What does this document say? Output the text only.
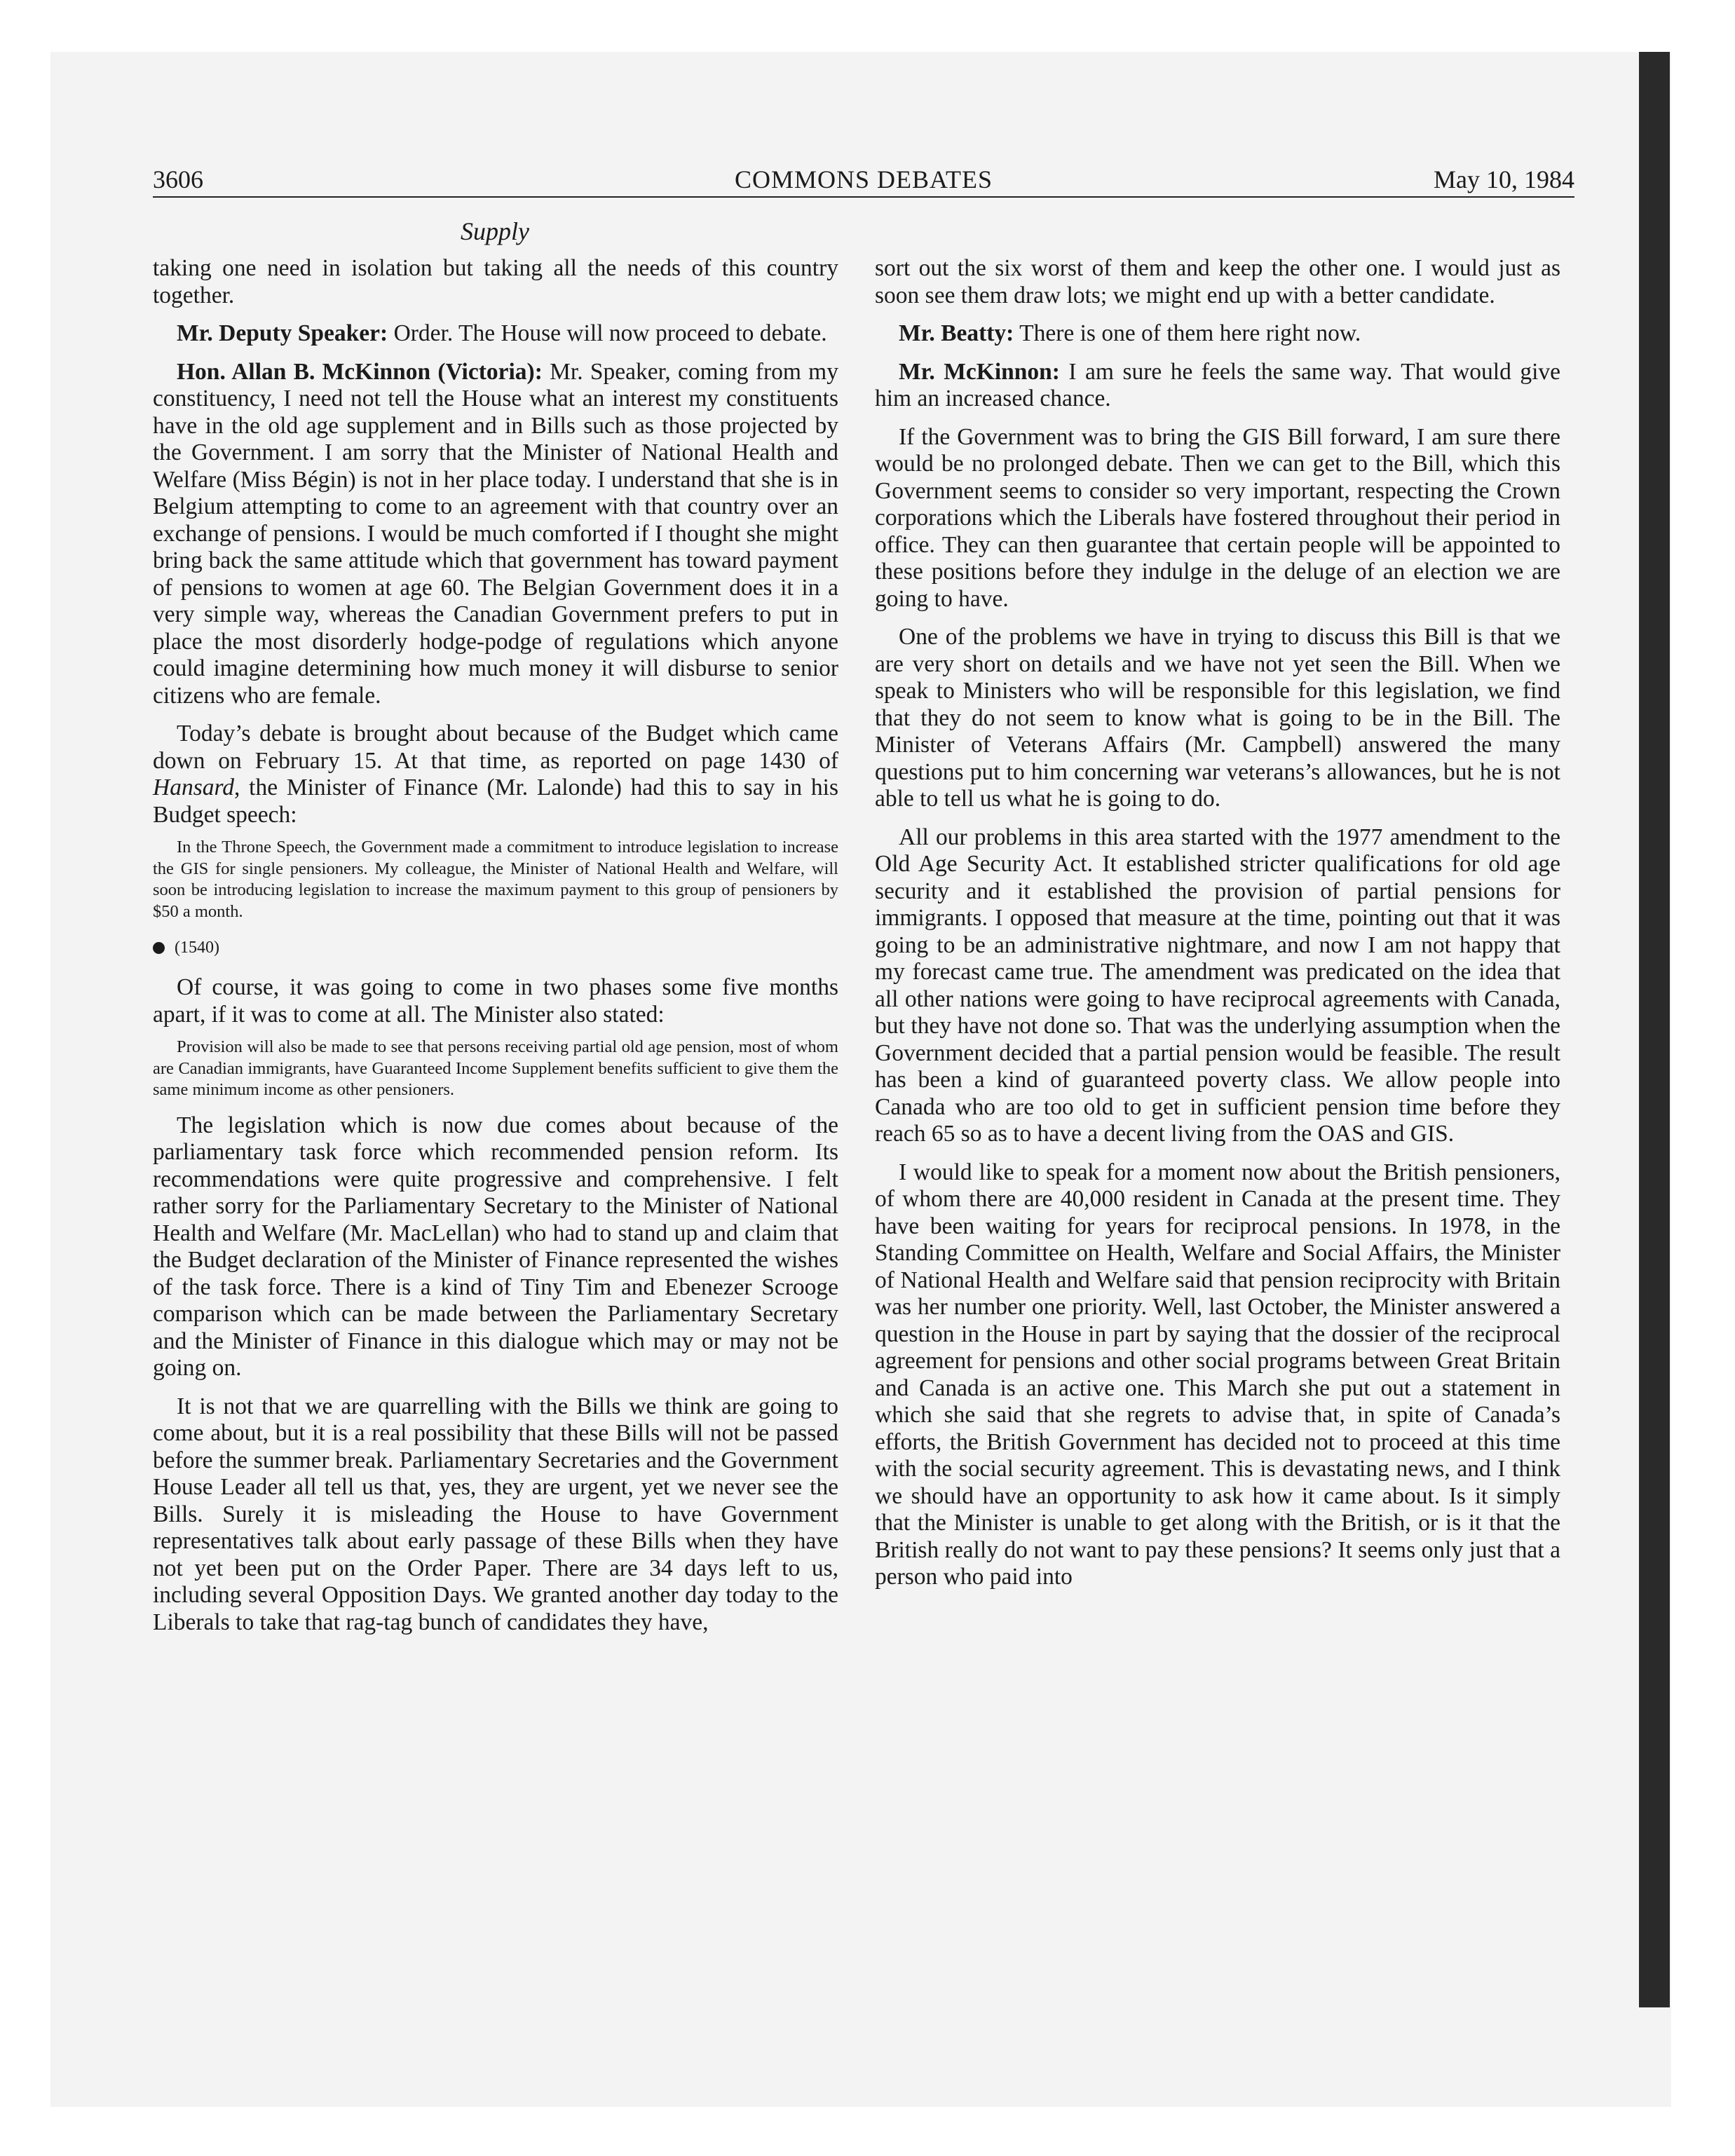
3606	COMMONS DEBATES	May 10, 1984
Supply

taking one need in isolation but taking all the needs of this country together.

Mr. Deputy Speaker: Order. The House will now proceed to debate.

Hon. Allan B. McKinnon (Victoria): Mr. Speaker, coming from my constituency, I need not tell the House what an interest my constituents have in the old age supplement and in Bills such as those projected by the Government. I am sorry that the Minister of National Health and Welfare (Miss Bégin) is not in her place today. I understand that she is in Belgium attempting to come to an agreement with that country over an exchange of pensions. I would be much comforted if I thought she might bring back the same attitude which that government has toward payment of pensions to women at age 60. The Belgian Government does it in a very simple way, whereas the Canadian Government prefers to put in place the most disorderly hodge-podge of regulations which anyone could imagine determining how much money it will disburse to senior citizens who are female.

Today’s debate is brought about because of the Budget which came down on February 15. At that time, as reported on page 1430 of Hansard, the Minister of Finance (Mr. Lalonde) had this to say in his Budget speech:

In the Throne Speech, the Government made a commitment to introduce legislation to increase the GIS for single pensioners. My colleague, the Minister of National Health and Welfare, will soon be introducing legislation to increase the maximum payment to this group of pensioners by $50 a month.
(1540)

Of course, it was going to come in two phases some five months apart, if it was to come at all. The Minister also stated:

Provision will also be made to see that persons receiving partial old age pension, most of whom are Canadian immigrants, have Guaranteed Income Supplement benefits sufficient to give them the same minimum income as other pensioners.

The legislation which is now due comes about because of the parliamentary task force which recommended pension reform. Its recommendations were quite progressive and comprehensive. I felt rather sorry for the Parliamentary Secretary to the Minister of National Health and Welfare (Mr. MacLellan) who had to stand up and claim that the Budget declaration of the Minister of Finance represented the wishes of the task force. There is a kind of Tiny Tim and Ebenezer Scrooge comparison which can be made between the Parliamentary Secretary and the Minister of Finance in this dialogue which may or may not be going on.

It is not that we are quarrelling with the Bills we think are going to come about, but it is a real possibility that these Bills will not be passed before the summer break. Parliamentary Secretaries and the Government House Leader all tell us that, yes, they are urgent, yet we never see the Bills. Surely it is misleading the House to have Government representatives talk about early passage of these Bills when they have not yet been put on the Order Paper. There are 34 days left to us, including several Opposition Days. We granted another day today to the Liberals to take that rag-tag bunch of candidates they have,

sort out the six worst of them and keep the other one. I would just as soon see them draw lots; we might end up with a better candidate.

Mr. Beatty: There is one of them here right now.

Mr. McKinnon: I am sure he feels the same way. That would give him an increased chance.

If the Government was to bring the GIS Bill forward, I am sure there would be no prolonged debate. Then we can get to the Bill, which this Government seems to consider so very important, respecting the Crown corporations which the Liberals have fostered throughout their period in office. They can then guarantee that certain people will be appointed to these positions before they indulge in the deluge of an election we are going to have.

One of the problems we have in trying to discuss this Bill is that we are very short on details and we have not yet seen the Bill. When we speak to Ministers who will be responsible for this legislation, we find that they do not seem to know what is going to be in the Bill. The Minister of Veterans Affairs (Mr. Campbell) answered the many questions put to him concerning war veterans’s allowances, but he is not able to tell us what he is going to do.

All our problems in this area started with the 1977 amendment to the Old Age Security Act. It established stricter qualifications for old age security and it established the provision of partial pensions for immigrants. I opposed that measure at the time, pointing out that it was going to be an administrative nightmare, and now I am not happy that my forecast came true. The amendment was predicated on the idea that all other nations were going to have reciprocal agreements with Canada, but they have not done so. That was the underlying assumption when the Government decided that a partial pension would be feasible. The result has been a kind of guaranteed poverty class. We allow people into Canada who are too old to get in sufficient pension time before they reach 65 so as to have a decent living from the OAS and GIS.

I would like to speak for a moment now about the British pensioners, of whom there are 40,000 resident in Canada at the present time. They have been waiting for years for reciprocal pensions. In 1978, in the Standing Committee on Health, Welfare and Social Affairs, the Minister of National Health and Welfare said that pension reciprocity with Britain was her number one priority. Well, last October, the Minister answered a question in the House in part by saying that the dossier of the reciprocal agreement for pensions and other social programs between Great Britain and Canada is an active one. This March she put out a statement in which she said that she regrets to advise that, in spite of Canada’s efforts, the British Government has decided not to proceed at this time with the social security agreement. This is devastating news, and I think we should have an opportunity to ask how it came about. Is it simply that the Minister is unable to get along with the British, or is it that the British really do not want to pay these pensions? It seems only just that a person who paid into
